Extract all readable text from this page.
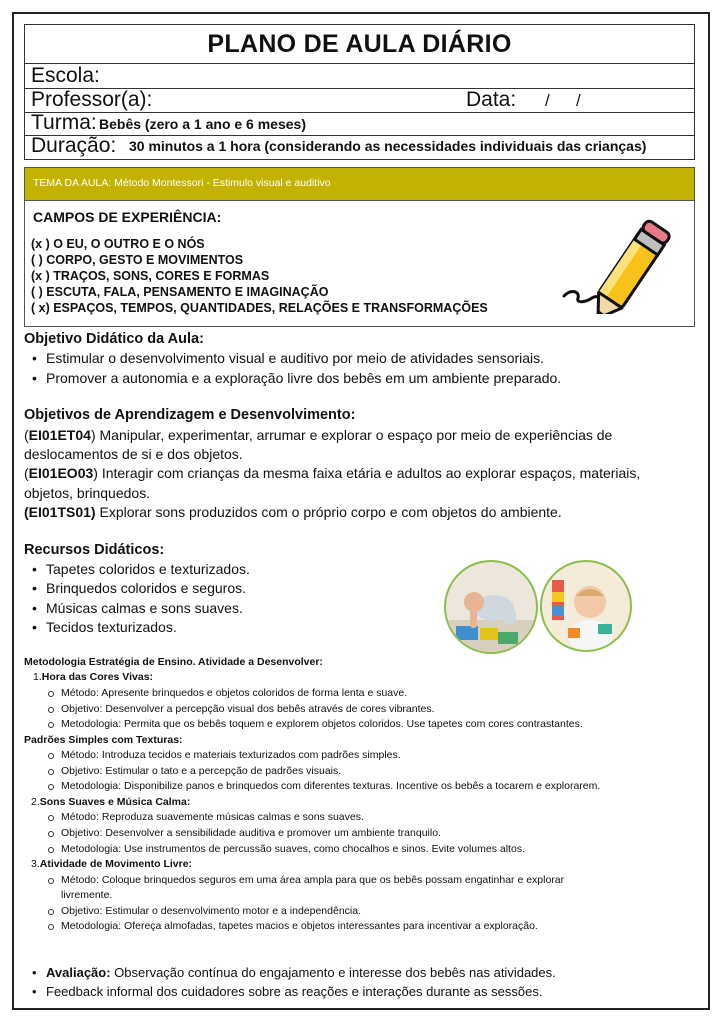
PLANO DE AULA DIÁRIO
Escola:
Professor(a):	Data: / /
Turma: Bebês (zero a 1 ano e 6 meses)
Duração: 30 minutos a 1 hora (considerando as necessidades individuais das crianças)
TEMA DA AULA: Método Montessori - Estimulo visual e auditivo
CAMPOS DE EXPERIÊNCIA:
(x ) O EU, O OUTRO E O NÓS
( ) CORPO, GESTO E MOVIMENTOS
(x ) TRAÇOS, SONS, CORES E FORMAS
( ) ESCUTA, FALA, PENSAMENTO E IMAGINAÇÃO
( x) ESPAÇOS, TEMPOS, QUANTIDADES, RELAÇÕES E TRANSFORMAÇÕES
Objetivo Didático da Aula:
• Estimular o desenvolvimento visual e auditivo por meio de atividades sensoriais.
• Promover a autonomia e a exploração livre dos bebês em um ambiente preparado.
Objetivos de Aprendizagem e Desenvolvimento:
(EI01ET04) Manipular, experimentar, arrumar e explorar o espaço por meio de experiências de
deslocamentos de si e dos objetos.
(EI01EO03) Interagir com crianças da mesma faixa etária e adultos ao explorar espaços, materiais,
objetos, brinquedos.
(EI01TS01) Explorar sons produzidos com o próprio corpo e com objetos do ambiente.
Recursos Didáticos:
• Tapetes coloridos e texturizados.
• Brinquedos coloridos e seguros.
• Músicas calmas e sons suaves.
• Tecidos texturizados.
Metodologia Estratégia de Ensino. Atividade a Desenvolver:
1.Hora das Cores Vivas:
Método: Apresente brinquedos e objetos coloridos de forma lenta e suave.
Objetivo: Desenvolver a percepção visual dos bebês através de cores vibrantes.
Metodologia: Permita que os bebês toquem e explorem objetos coloridos. Use tapetes com cores contrastantes.
Padrões Simples com Texturas:
Método: Introduza tecidos e materiais texturizados com padrões simples.
Objetivo: Estimular o tato e a percepção de padrões visuais.
Metodologia: Disponibilize panos e brinquedos com diferentes texturas. Incentive os bebês a tocarem e explorarem.
2.Sons Suaves e Música Calma:
Método: Reproduza suavemente músicas calmas e sons suaves.
Objetivo: Desenvolver a sensibilidade auditiva e promover um ambiente tranquilo.
Metodologia: Use instrumentos de percussão suaves, como chocalhos e sinos. Evite volumes altos.
3.Atividade de Movimento Livre:
Método: Coloque brinquedos seguros em uma área ampla para que os bebês possam engatinhar e explorar
livremente.
Objetivo: Estimular o desenvolvimento motor e a independência.
Metodologia: Ofereça almofadas, tapetes macios e objetos interessantes para incentivar a exploração.
• Avaliação: Observação contínua do engajamento e interesse dos bebês nas atividades.
• Feedback informal dos cuidadores sobre as reações e interações durante as sessões.
